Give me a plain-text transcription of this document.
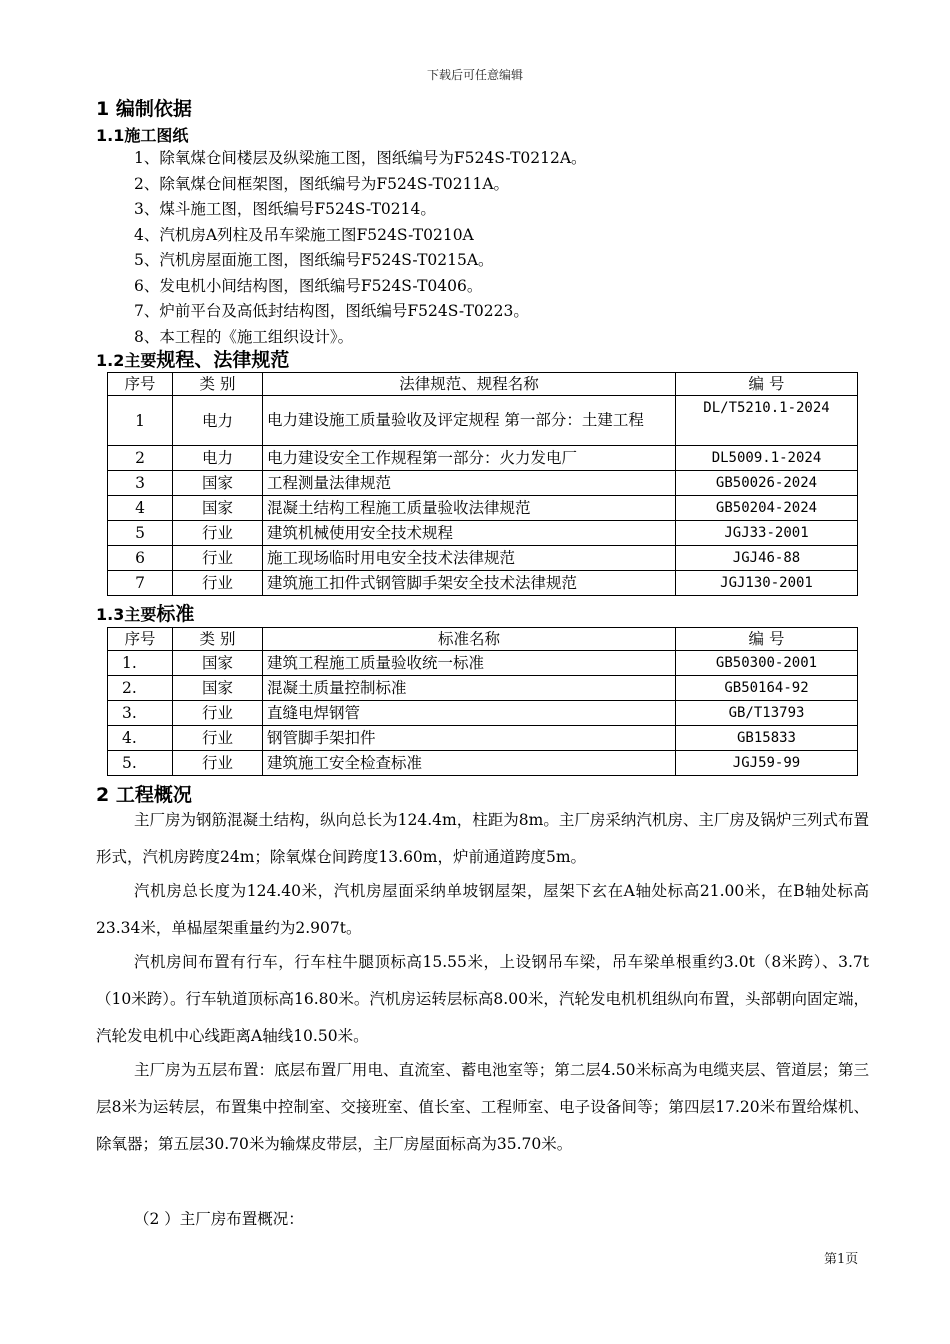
下载后可任意编辑
1 编制依据
1.1施工图纸
1、除氧煤仓间楼层及纵梁施工图，图纸编号为F524S-T0212A。
2、除氧煤仓间框架图，图纸编号为F524S-T0211A。
3、煤斗施工图，图纸编号F524S-T0214。
4、汽机房A列柱及吊车梁施工图F524S-T0210A
5、汽机房屋面施工图，图纸编号F524S-T0215A。
6、发电机小间结构图，图纸编号F524S-T0406。
7、炉前平台及高低封结构图，图纸编号F524S-T0223。
8、本工程的《施工组织设计》。
1.2主要规程、法律规范
序号	类 别	法律规范、规程名称	编 号
1	电力	电力建设施工质量验收及评定规程 第一部分：土建工程	DL/T5210.1-2024
2	电力	电力建设安全工作规程第一部分：火力发电厂	DL5009.1-2024
3	国家	工程测量法律规范	GB50026-2024
4	国家	混凝土结构工程施工质量验收法律规范	GB50204-2024
5	行业	建筑机械使用安全技术规程	JGJ33-2001
6	行业	施工现场临时用电安全技术法律规范	JGJ46-88
7	行业	建筑施工扣件式钢管脚手架安全技术法律规范	JGJ130-2001
1.3主要标准
序号	类 别	标准名称	编 号
1.	国家	建筑工程施工质量验收统一标准	GB50300-2001
2.	国家	混凝土质量控制标准	GB50164-92
3.	行业	直缝电焊钢管	GB/T13793
4.	行业	钢管脚手架扣件	GB15833
5.	行业	建筑施工安全检查标准	JGJ59-99
2 工程概况
主厂房为钢筋混凝土结构，纵向总长为124.4m，柱距为8m。主厂房采纳汽机房、主厂房及锅炉三列式布置形式，汽机房跨度24m；除氧煤仓间跨度13.60m，炉前通道跨度5m。
汽机房总长度为124.40米，汽机房屋面采纳单坡钢屋架，屋架下玄在A轴处标高21.00米，在B轴处标高23.34米，单榀屋架重量约为2.907t。
汽机房间布置有行车，行车柱牛腿顶标高15.55米，上设钢吊车梁，吊车梁单根重约3.0t（8米跨）、3.7t（10米跨）。行车轨道顶标高16.80米。汽机房运转层标高8.00米，汽轮发电机机组纵向布置，头部朝向固定端，汽轮发电机中心线距离A轴线10.50米。
主厂房为五层布置：底层布置厂用电、直流室、蓄电池室等；第二层4.50米标高为电缆夹层、管道层；第三层8米为运转层，布置集中控制室、交接班室、值长室、工程师室、电子设备间等；第四层17.20米布置给煤机、除氧器；第五层30.70米为输煤皮带层，主厂房屋面标高为35.70米。
（2 ）主厂房布置概况：
第1页
